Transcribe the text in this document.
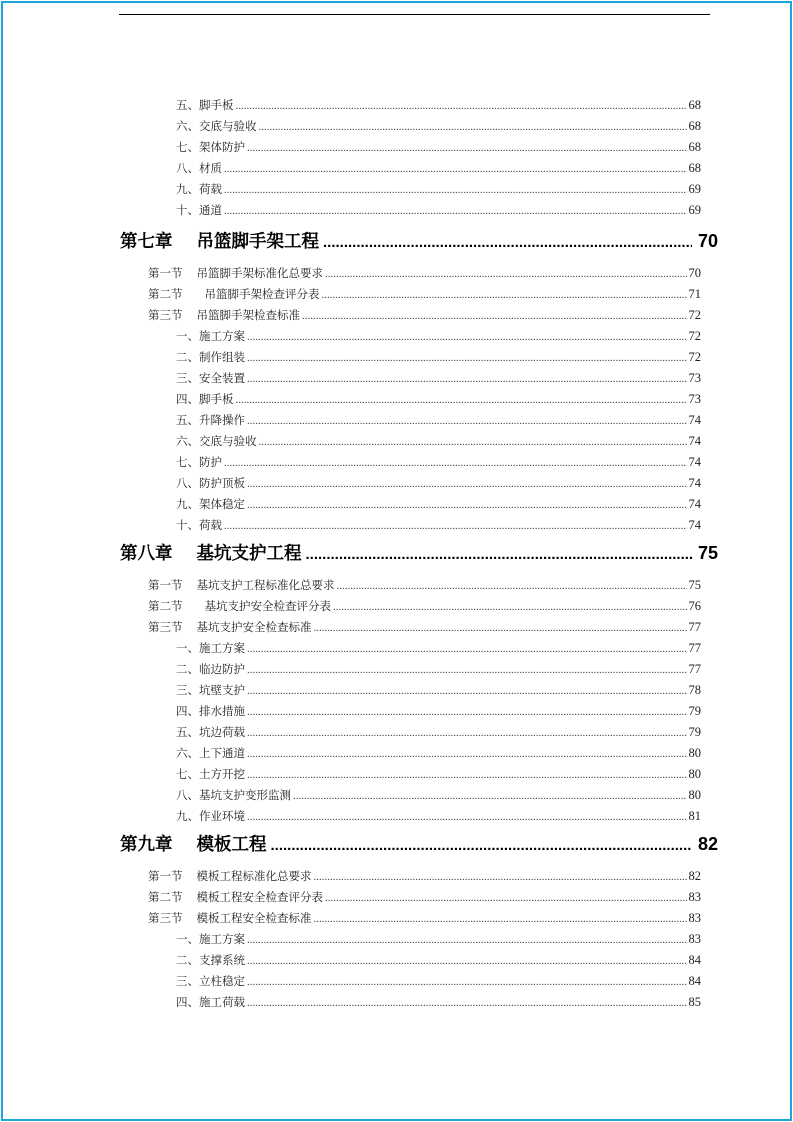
五、脚手板 .....	68
六、交底与验收 .....	68
七、架体防护 .....	68
八、材质 .....	68
九、荷载 .....	69
十、通道 .....	69
第七章 吊篮脚手架工程 .....	70
第一节 吊篮脚手架标准化总要求 .....	70
第二节 吊篮脚手架检查评分表 .....	71
第三节 吊篮脚手架检查标准 .....	72
一、施工方案 .....	72
二、制作组装 .....	72
三、安全装置 .....	73
四、脚手板 .....	73
五、升降操作 .....	74
六、交底与验收 .....	74
七、防护 .....	74
八、防护顶板 .....	74
九、架体稳定 .....	74
十、荷载 .....	74
第八章 基坑支护工程 .....	75
第一节 基坑支护工程标准化总要求 .....	75
第二节 基坑支护安全检查评分表 .....	76
第三节 基坑支护安全检查标准 .....	77
一、施工方案 .....	77
二、临边防护 .....	77
三、坑壁支护 .....	78
四、排水措施 .....	79
五、坑边荷载 .....	79
六、上下通道 .....	80
七、土方开挖 .....	80
八、基坑支护变形监测 .....	80
九、作业环境 .....	81
第九章 模板工程 .....	82
第一节 模板工程标准化总要求 .....	82
第二节 模板工程安全检查评分表 .....	83
第三节 模板工程安全检查标准 .....	83
一、施工方案 .....	83
二、支撑系统 .....	84
三、立柱稳定 .....	84
四、施工荷载 .....	85
